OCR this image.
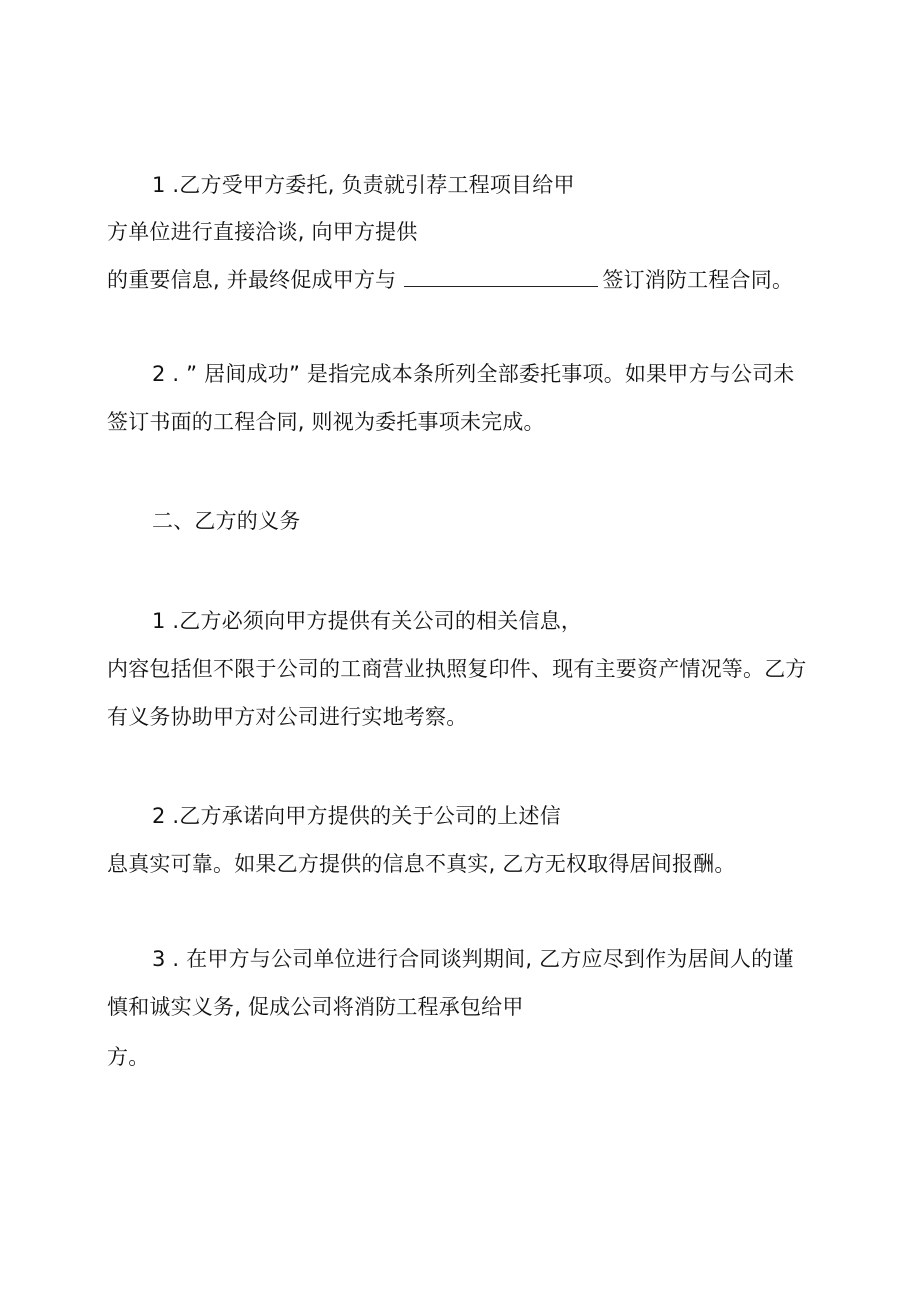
1 .乙方受甲方委托, 负责就引荐工程项目给甲
方单位进行直接洽谈, 向甲方提供
的重要信息, 并最终促成甲方与	签订消防工程合同。
2 . ” 居间成功” 是指完成本条所列全部委托事项。如果甲方与公司未
签订书面的工程合同, 则视为委托事项未完成。
二、乙方的义务
1 .乙方必须向甲方提供有关公司的相关信息，
内容包括但不限于公司的工商营业执照复印件、现有主要资产情况等。乙方
有义务协助甲方对公司进行实地考察。
2 .乙方承诺向甲方提供的关于公司的上述信
息真实可靠。如果乙方提供的信息不真实, 乙方无权取得居间报酬。
3 . 在甲方与公司单位进行合同谈判期间, 乙方应尽到作为居间人的谨
慎和诚实义务, 促成公司将消防工程承包给甲
方。
